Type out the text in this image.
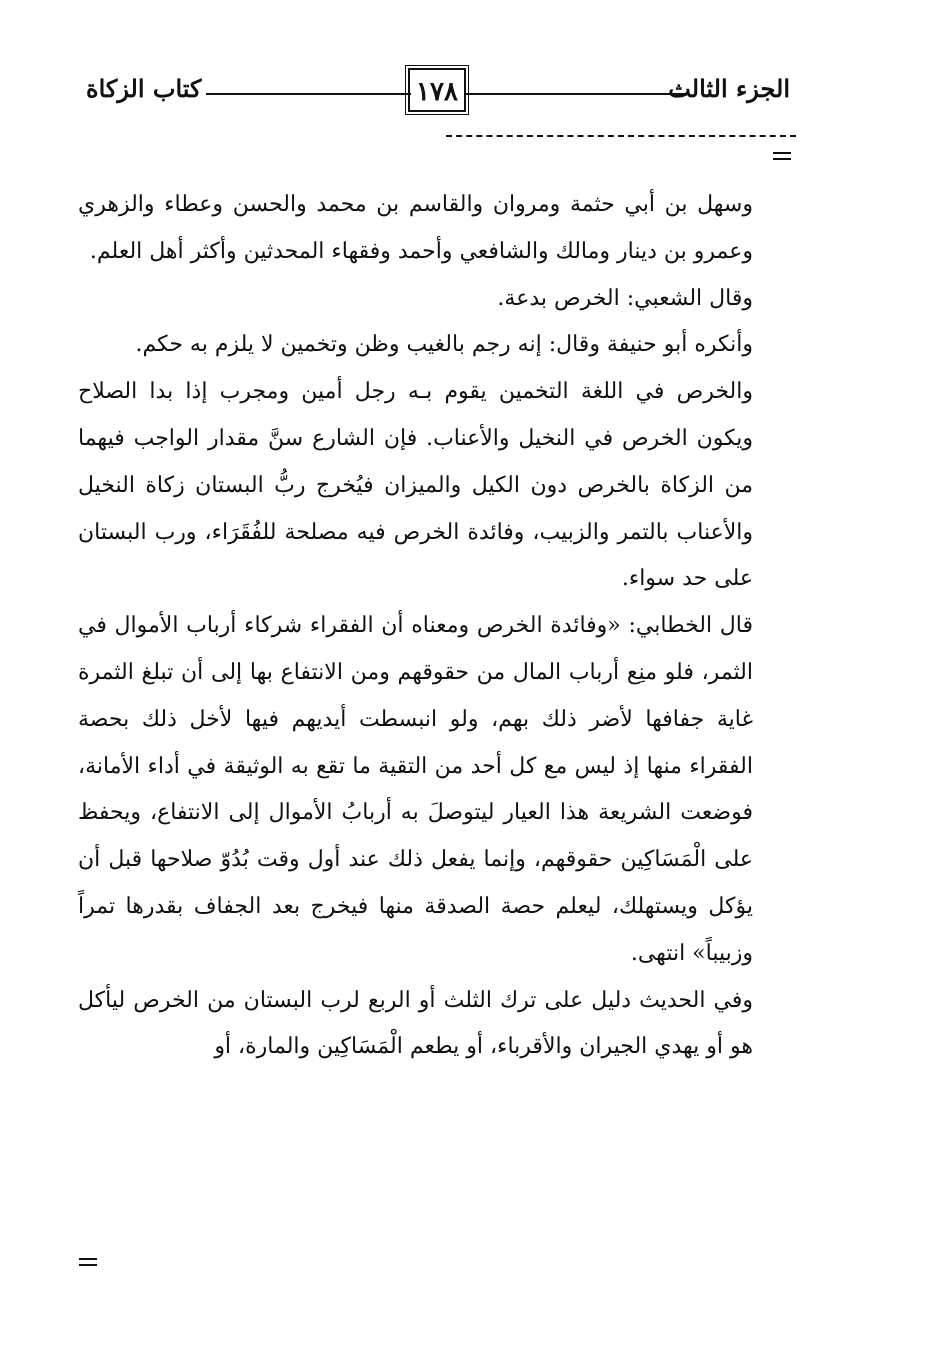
كتاب الزكاة	١٧٨	الجزء الثالث

وسهل بن أبي حثمة ومروان والقاسم بن محمد والحسن وعطاء والزهري وعمرو بن دينار ومالك والشافعي وأحمد وفقهاء المحدثين وأكثر أهل العلم.

وقال الشعبي: الخرص بدعة.

وأنكره أبو حنيفة وقال: إنه رجم بالغيب وظن وتخمين لا يلزم به حكم.

والخرص في اللغة التخمين يقوم بـه رجل أمين ومجرب إذا بدا الصلاح ويكون الخرص في النخيل والأعناب. فإن الشارع سنَّ مقدار الواجب فيهما من الزكاة بالخرص دون الكيل والميزان فيُخرج ربُّ البستان زكاة النخيل والأعناب بالتمر والزبيب، وفائدة الخرص فيه مصلحة للفُقَرَاء، ورب البستان على حد سواء.

قال الخطابي: «وفائدة الخرص ومعناه أن الفقراء شركاء أرباب الأموال في الثمر، فلو منِع أرباب المال من حقوقهم ومن الانتفاع بها إلى أن تبلغ الثمرة غاية جفافها لأضر ذلك بهم، ولو انبسطت أيديهم فيها لأخل ذلك بحصة الفقراء منها إذ ليس مع كل أحد من التقية ما تقع به الوثيقة في أداء الأمانة، فوضعت الشريعة هذا العيار ليتوصلَ به أربابُ الأموال إلى الانتفاع، ويحفظ على الْمَسَاكِين حقوقهم، وإنما يفعل ذلك عند أول وقت بُدُوّ صلاحها قبل أن يؤكل ويستهلك، ليعلم حصة الصدقة منها فيخرج بعد الجفاف بقدرها تمراً وزبيباً» انتهى.

وفي الحديث دليل على ترك الثلث أو الربع لرب البستان من الخرص ليأكل هو أو يهدي الجيران والأقرباء، أو يطعم الْمَسَاكِين والمارة، أو
